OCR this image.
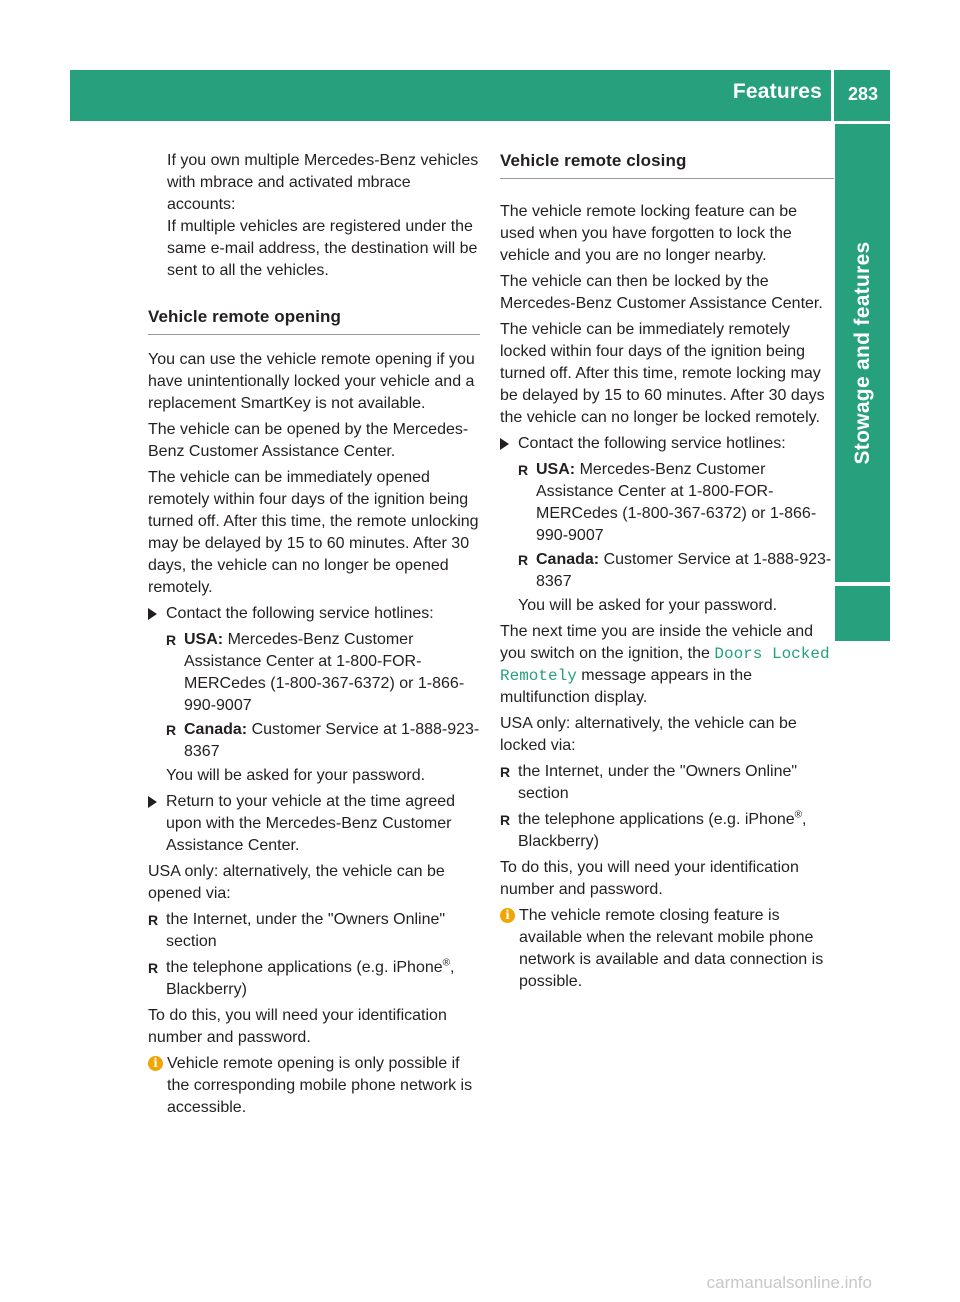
Features	283
Stowage and features

If you own multiple Mercedes-Benz vehicles with mbrace and activated mbrace accounts:

If multiple vehicles are registered under the same e-mail address, the destination will be sent to all the vehicles.

Vehicle remote opening

You can use the vehicle remote opening if you have unintentionally locked your vehicle and a replacement SmartKey is not available.

The vehicle can be opened by the Mercedes-Benz Customer Assistance Center.

The vehicle can be immediately opened remotely within four days of the ignition being turned off. After this time, the remote unlocking may be delayed by 15 to 60 minutes. After 30 days, the vehicle can no longer be opened remotely.

Contact the following service hotlines:
R USA: Mercedes-Benz Customer Assistance Center at 1-800-FOR-MERCedes (1-800-367-6372) or 1-866-990-9007
R Canada: Customer Service at 1-888-923-8367

You will be asked for your password.

Return to your vehicle at the time agreed upon with the Mercedes-Benz Customer Assistance Center.

USA only: alternatively, the vehicle can be opened via:

R the Internet, under the "Owners Online" section
R the telephone applications (e.g. iPhone®, Blackberry)

To do this, you will need your identification number and password.

i Vehicle remote opening is only possible if the corresponding mobile phone network is accessible.
Vehicle remote closing

The vehicle remote locking feature can be used when you have forgotten to lock the vehicle and you are no longer nearby.

The vehicle can then be locked by the Mercedes-Benz Customer Assistance Center.

The vehicle can be immediately remotely locked within four days of the ignition being turned off. After this time, remote locking may be delayed by 15 to 60 minutes. After 30 days the vehicle can no longer be locked remotely.

Contact the following service hotlines:
R USA: Mercedes-Benz Customer Assistance Center at 1-800-FOR-MERCedes (1-800-367-6372) or 1-866-990-9007
R Canada: Customer Service at 1-888-923-8367

You will be asked for your password.

The next time you are inside the vehicle and you switch on the ignition, the Doors Locked Remotely message appears in the multifunction display.

USA only: alternatively, the vehicle can be locked via:

R the Internet, under the "Owners Online" section
R the telephone applications (e.g. iPhone®, Blackberry)

To do this, you will need your identification number and password.

i The vehicle remote closing feature is available when the relevant mobile phone network is available and data connection is possible.
carmanualsonline.info
